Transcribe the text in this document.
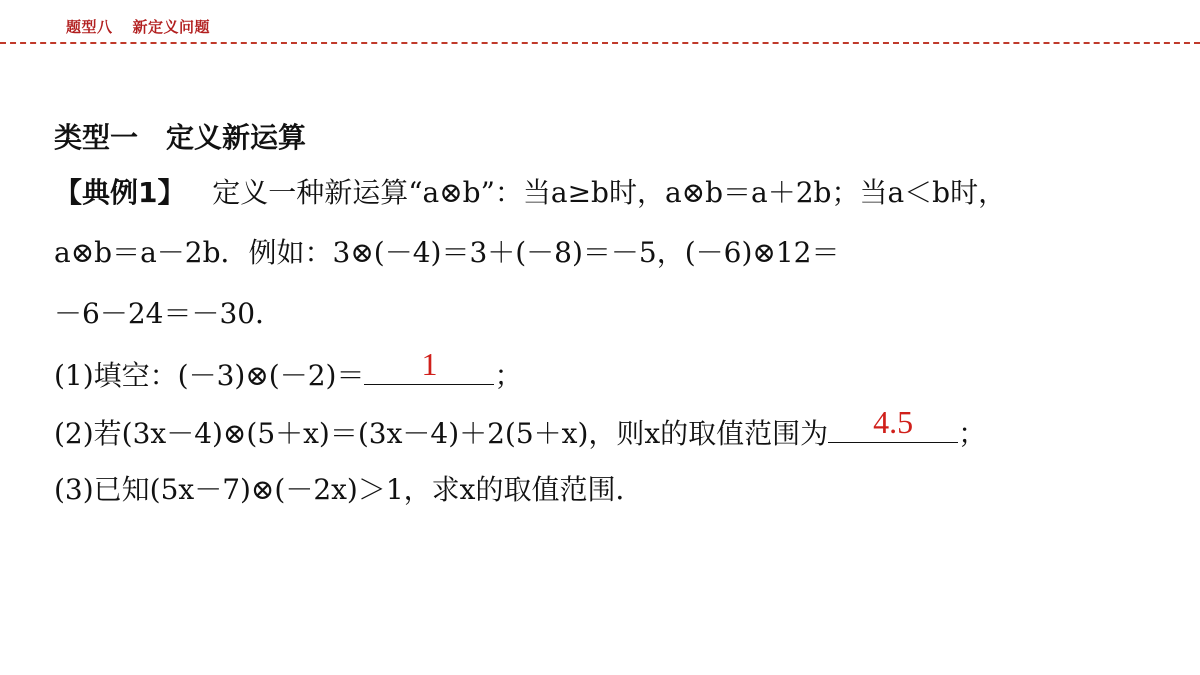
题型八 新定义问题
类型一 定义新运算
【典例1】 定义一种新运算“a⊗b”：当a≥b时，a⊗b＝a＋2b；当a＜b时，
a⊗b＝a－2b．例如：3⊗(－4)＝3＋(－8)＝－5，(－6)⊗12＝
－6－24＝－30．
(1)填空：(－3)⊗(－2)＝	1	；
(2)若(3x－4)⊗(5＋x)＝(3x－4)＋2(5＋x)，则x的取值范围为	4.5	；
(3)已知(5x－7)⊗(－2x)＞1，求x的取值范围．
